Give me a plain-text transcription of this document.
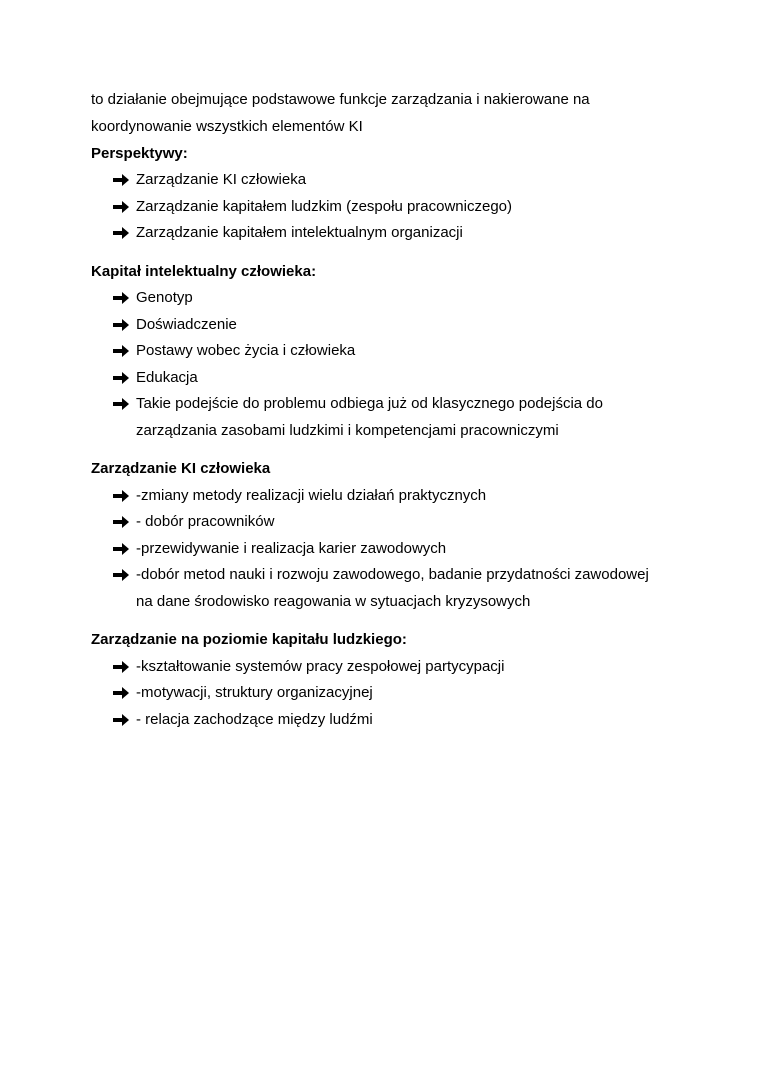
to działanie obejmujące podstawowe funkcje zarządzania i nakierowane na
koordynowanie wszystkich elementów KI
Perspektywy:
Zarządzanie KI człowieka
Zarządzanie kapitałem ludzkim (zespołu pracowniczego)
Zarządzanie kapitałem intelektualnym organizacji
Kapitał intelektualny człowieka:
Genotyp
Doświadczenie
Postawy wobec życia i człowieka
Edukacja
Takie podejście do problemu odbiega już od klasycznego podejścia do
zarządzania zasobami ludzkimi i kompetencjami pracowniczymi
Zarządzanie KI człowieka
-zmiany metody realizacji wielu działań praktycznych
- dobór pracowników
-przewidywanie i realizacja karier zawodowych
-dobór metod nauki i rozwoju zawodowego, badanie przydatności zawodowej
na dane środowisko reagowania w sytuacjach kryzysowych
Zarządzanie na poziomie kapitału ludzkiego:
-kształtowanie systemów pracy zespołowej partycypacji
-motywacji, struktury organizacyjnej
- relacja zachodzące między ludźmi
